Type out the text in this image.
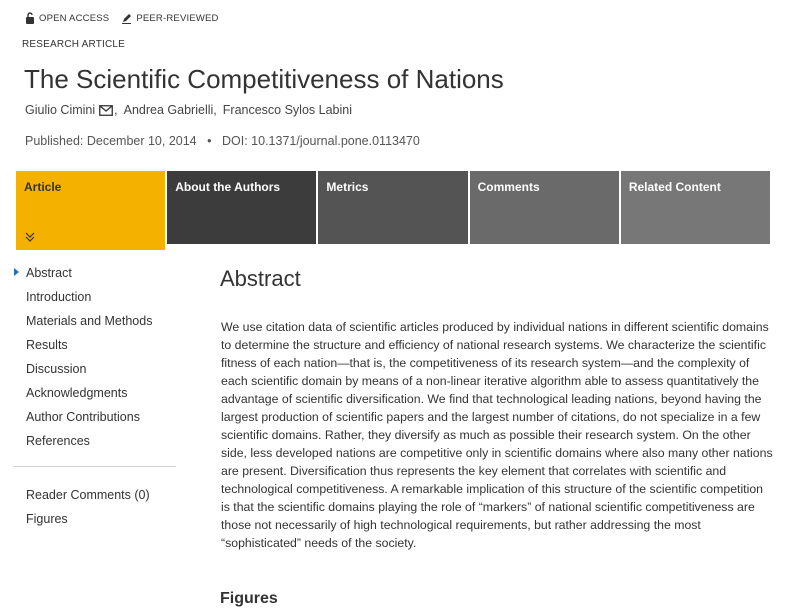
OPEN ACCESS	PEER-REVIEWED
RESEARCH ARTICLE
The Scientific Competitiveness of Nations
Giulio Cimini , Andrea Gabrielli , Francesco Sylos Labini
Published: December 10, 2014 • DOI: 10.1371/journal.pone.0113470
Article	About the Authors	Metrics	Comments	Related Content
Abstract
Introduction
Materials and Methods
Results
Discussion
Acknowledgments
Author Contributions
References
Reader Comments (0)
Figures
Abstract

We use citation data of scientific articles produced by individual nations in different scientific domains to determine the structure and efficiency of national research systems. We characterize the scientific fitness of each nation—that is, the competitiveness of its research system—and the complexity of each scientific domain by means of a non-linear iterative algorithm able to assess quantitatively the advantage of scientific diversification. We find that technological leading nations, beyond having the largest production of scientific papers and the largest number of citations, do not specialize in a few scientific domains. Rather, they diversify as much as possible their research system. On the other side, less developed nations are competitive only in scientific domains where also many other nations are present. Diversification thus represents the key element that correlates with scientific and technological competitiveness. A remarkable implication of this structure of the scientific competition is that the scientific domains playing the role of “markers” of national scientific competitiveness are those not necessarily of high technological requirements, but rather addressing the most “sophisticated” needs of the society.

Figures
